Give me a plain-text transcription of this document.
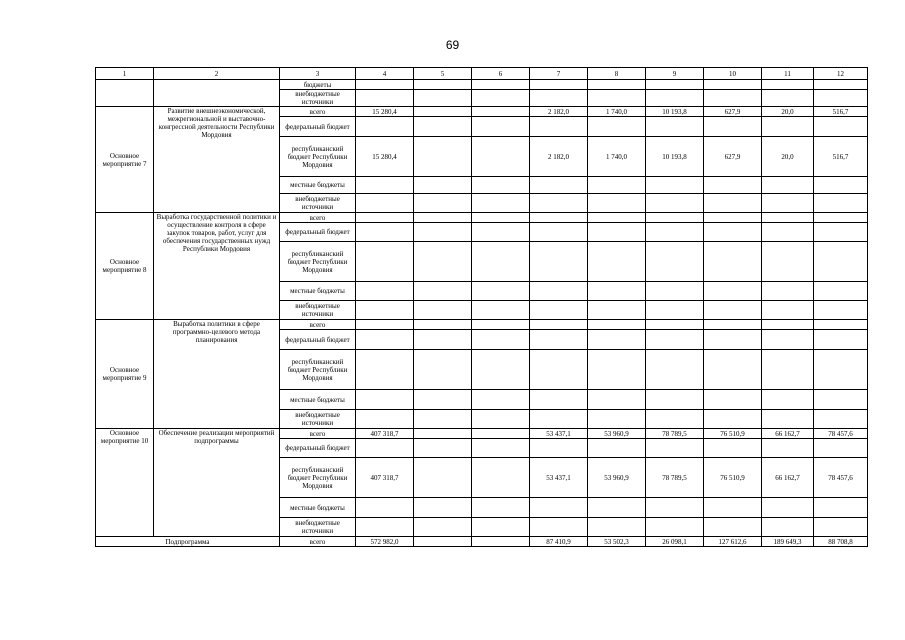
69
1	2	3	4	5	6	7	8	9	10	11	12
		бюджеты									
		внебюджетные источники									
Основное мероприятие 7	Развитие внешнеэкономической, межрегиональной и выставочно-конгрессной деятельности Республики Мордовия	всего	15 280,4			2 182,0	1 740,0	10 193,8	627,9	20,0	516,7
		федеральный бюджет									
		республиканский бюджет Республики Мордовия	15 280,4			2 182,0	1 740,0	10 193,8	627,9	20,0	516,7
		местные бюджеты									
		внебюджетные источники									
Основное мероприятие 8	Выработка государственной политики и осуществление контроля в сфере закупок товаров, работ, услуг для обеспечения государственных нужд Республики Мордовия	всего									
		федеральный бюджет									
		республиканский бюджет Республики Мордовия									
		местные бюджеты									
		внебюджетные источники									
Основное мероприятие 9	Выработка политики в сфере программно-целевого метода планирования	всего									
		федеральный бюджет									
		республиканский бюджет Республики Мордовия									
		местные бюджеты									
		внебюджетные источники									
Основное мероприятие 10	Обеспечение реализации мероприятий подпрограммы	всего	407 318,7			53 437,1	53 960,9	78 789,5	76 510,9	66 162,7	78 457,6
		федеральный бюджет									
		республиканский бюджет Республики Мордовия	407 318,7			53 437,1	53 960,9	78 789,5	76 510,9	66 162,7	78 457,6
		местные бюджеты									
		внебюджетные источники									
Подпрограмма		всего	572 982,0			87 410,9	53 502,3	26 098,1	127 612,6	189 649,3	88 708,8
